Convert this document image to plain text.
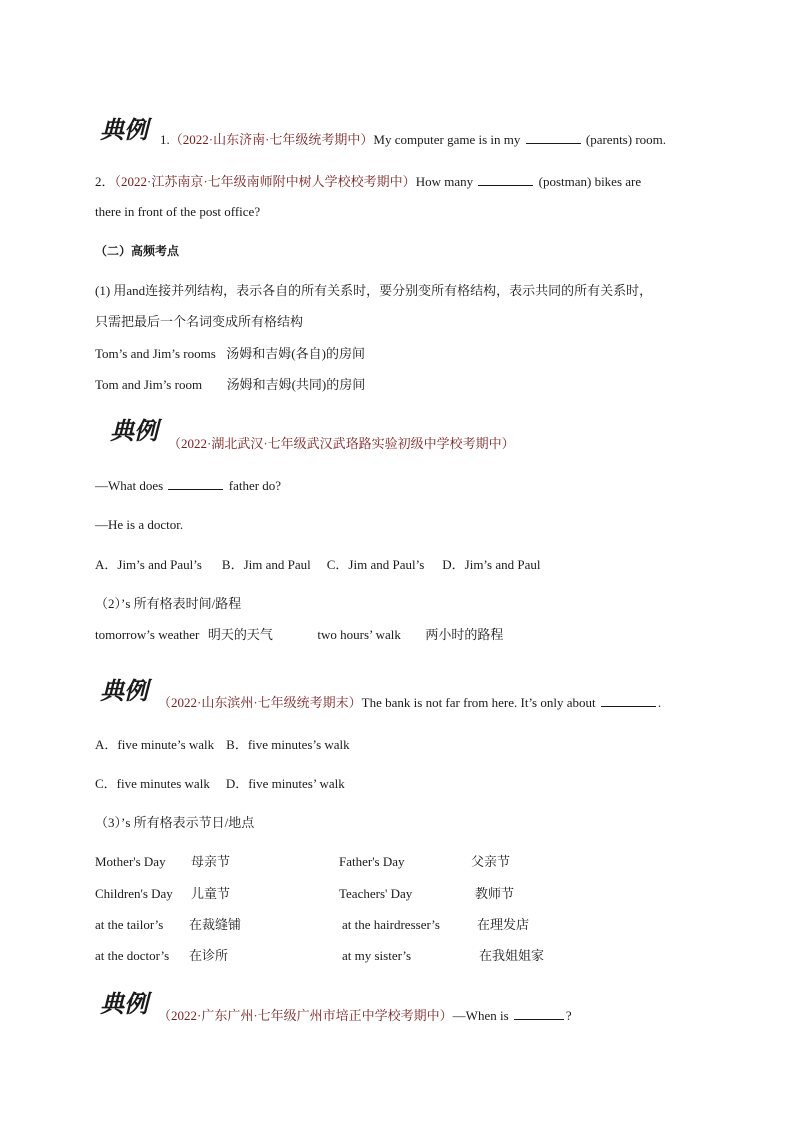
典例 1.（2022·山东济南·七年级统考期中）My computer game is in my	(parents) room.
2．（2022·江苏南京·七年级南师附中树人学校校考期中）How many	(postman) bikes are
there in front of the post office?
（二）高频考点
(1) 用and连接并列结构，表示各自的所有关系时，要分别变所有格结构，表示共同的所有关系时，
只需把最后一个名词变成所有格结构
Tom’s and Jim’s rooms 汤姆和吉姆(各自)的房间
Tom and Jim’s room 汤姆和吉姆(共同)的房间
典例 （2022·湖北武汉·七年级武汉武珞路实验初级中学校考期中）
—What does	father do?
—He is a doctor.
A．Jim’s and Paul’s B．Jim and Paul C．Jim and Paul’s D．Jim’s and Paul
（2）’s 所有格表时间/路程
tomorrow’s weather 明天的天气	two hours’ walk 两小时的路程
典例 （2022·山东滨州·七年级统考期末）The bank is not far from here. It’s only about	.
A．five minute’s walk B．five minutes’s walk
C．five minutes walk D．five minutes’ walk
（3）’s 所有格表示节日/地点
Mother's Day 母亲节	Father's Day	父亲节
Children's Day 儿童节	Teachers' Day	教师节
at the tailor’s 在裁缝铺	at the hairdresser’s	在理发店
at the doctor’s 在诊所	at my sister’s	在我姐姐家
典例 （2022·广东广州·七年级广州市培正中学校考期中）—When is	?
